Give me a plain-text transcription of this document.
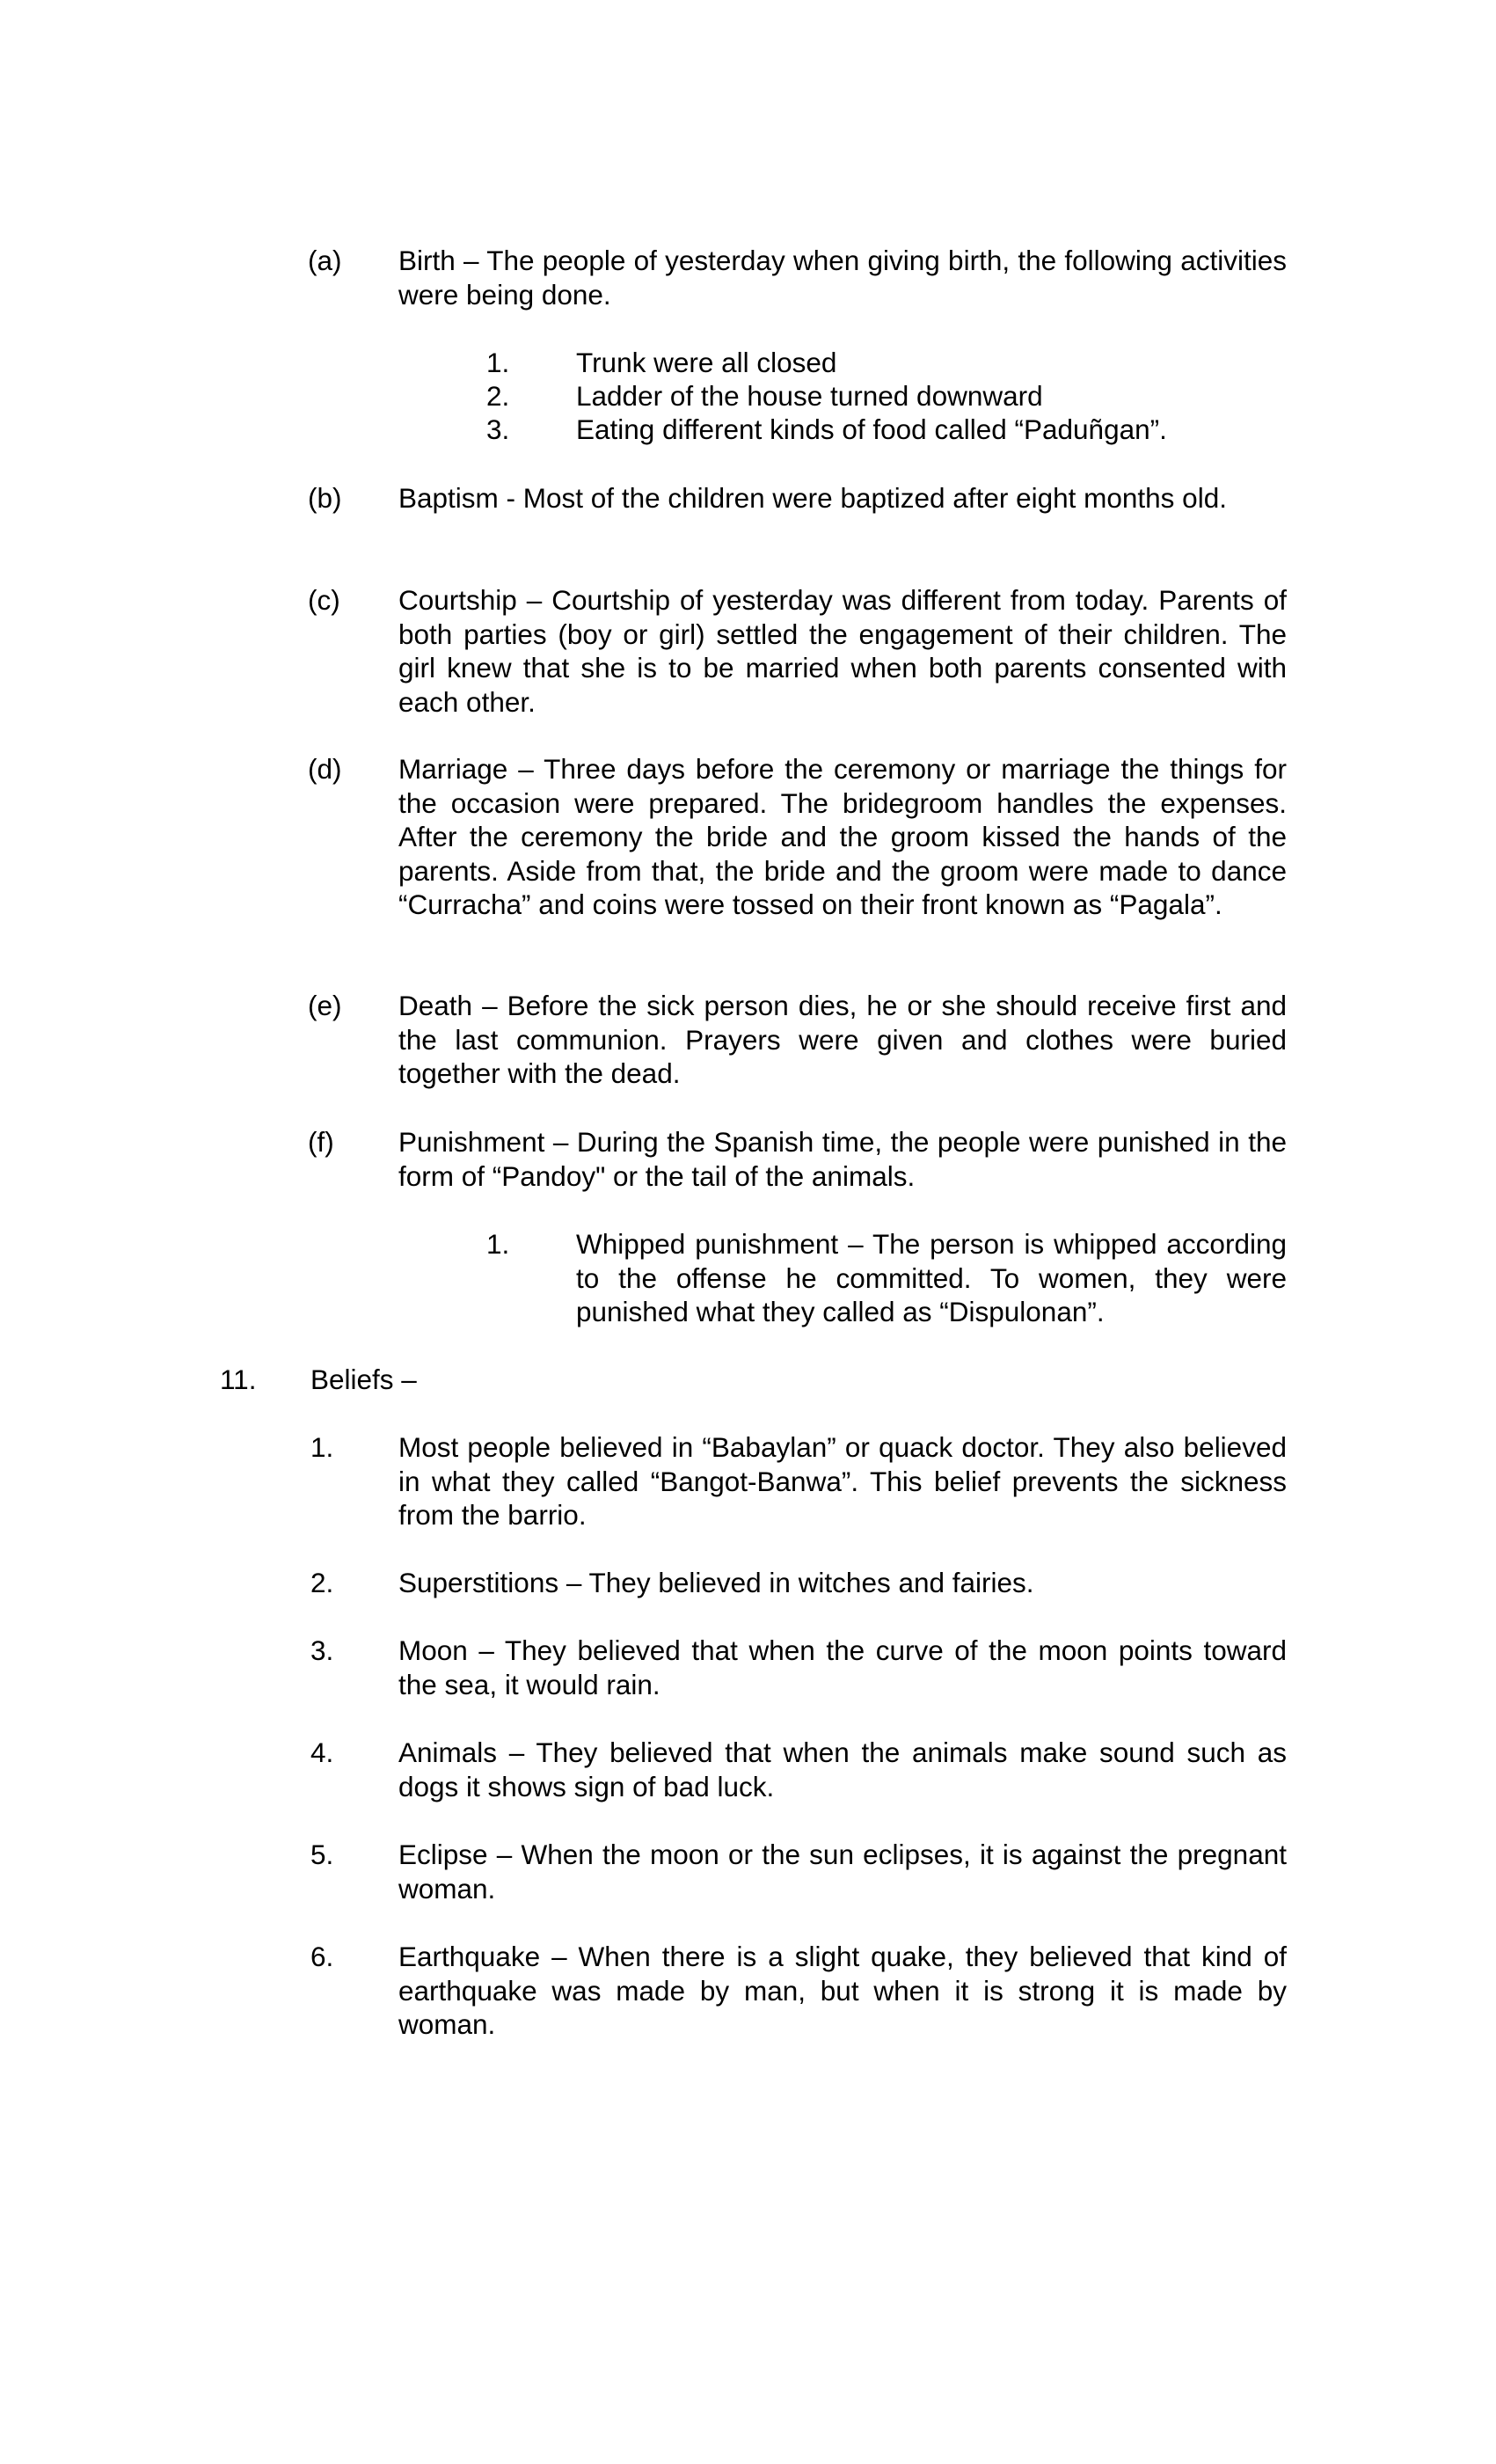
(a) Birth – The people of yesterday when giving birth, the following activities were being done.
1. Trunk were all closed
2. Ladder of the house turned downward
3. Eating different kinds of food called “Paduñgan”.
(b) Baptism - Most of the children were baptized after eight months old.
(c) Courtship – Courtship of yesterday was different from today. Parents of both parties (boy or girl) settled the engagement of their children. The girl knew that she is to be married when both parents consented with each other.
(d) Marriage – Three days before the ceremony or marriage the things for the occasion were prepared. The bridegroom handles the expenses. After the ceremony the bride and the groom kissed the hands of the parents. Aside from that, the bride and the groom were made to dance “Curracha” and coins were tossed on their front known as “Pagala”.
(e) Death – Before the sick person dies, he or she should receive first and the last communion. Prayers were given and clothes were buried together with the dead.
(f) Punishment – During the Spanish time, the people were punished in the form of “Pandoy" or the tail of the animals.
1. Whipped punishment – The person is whipped according to the offense he committed. To women, they were punished what they called as “Dispulonan”.
11. Beliefs –
1. Most people believed in “Babaylan” or quack doctor. They also believed in what they called “Bangot-Banwa”. This belief prevents the sickness from the barrio.
2. Superstitions – They believed in witches and fairies.
3. Moon – They believed that when the curve of the moon points toward the sea, it would rain.
4. Animals – They believed that when the animals make sound such as dogs it shows sign of bad luck.
5. Eclipse – When the moon or the sun eclipses, it is against the pregnant woman.
6. Earthquake – When there is a slight quake, they believed that kind of earthquake was made by man, but when it is strong it is made by woman.
